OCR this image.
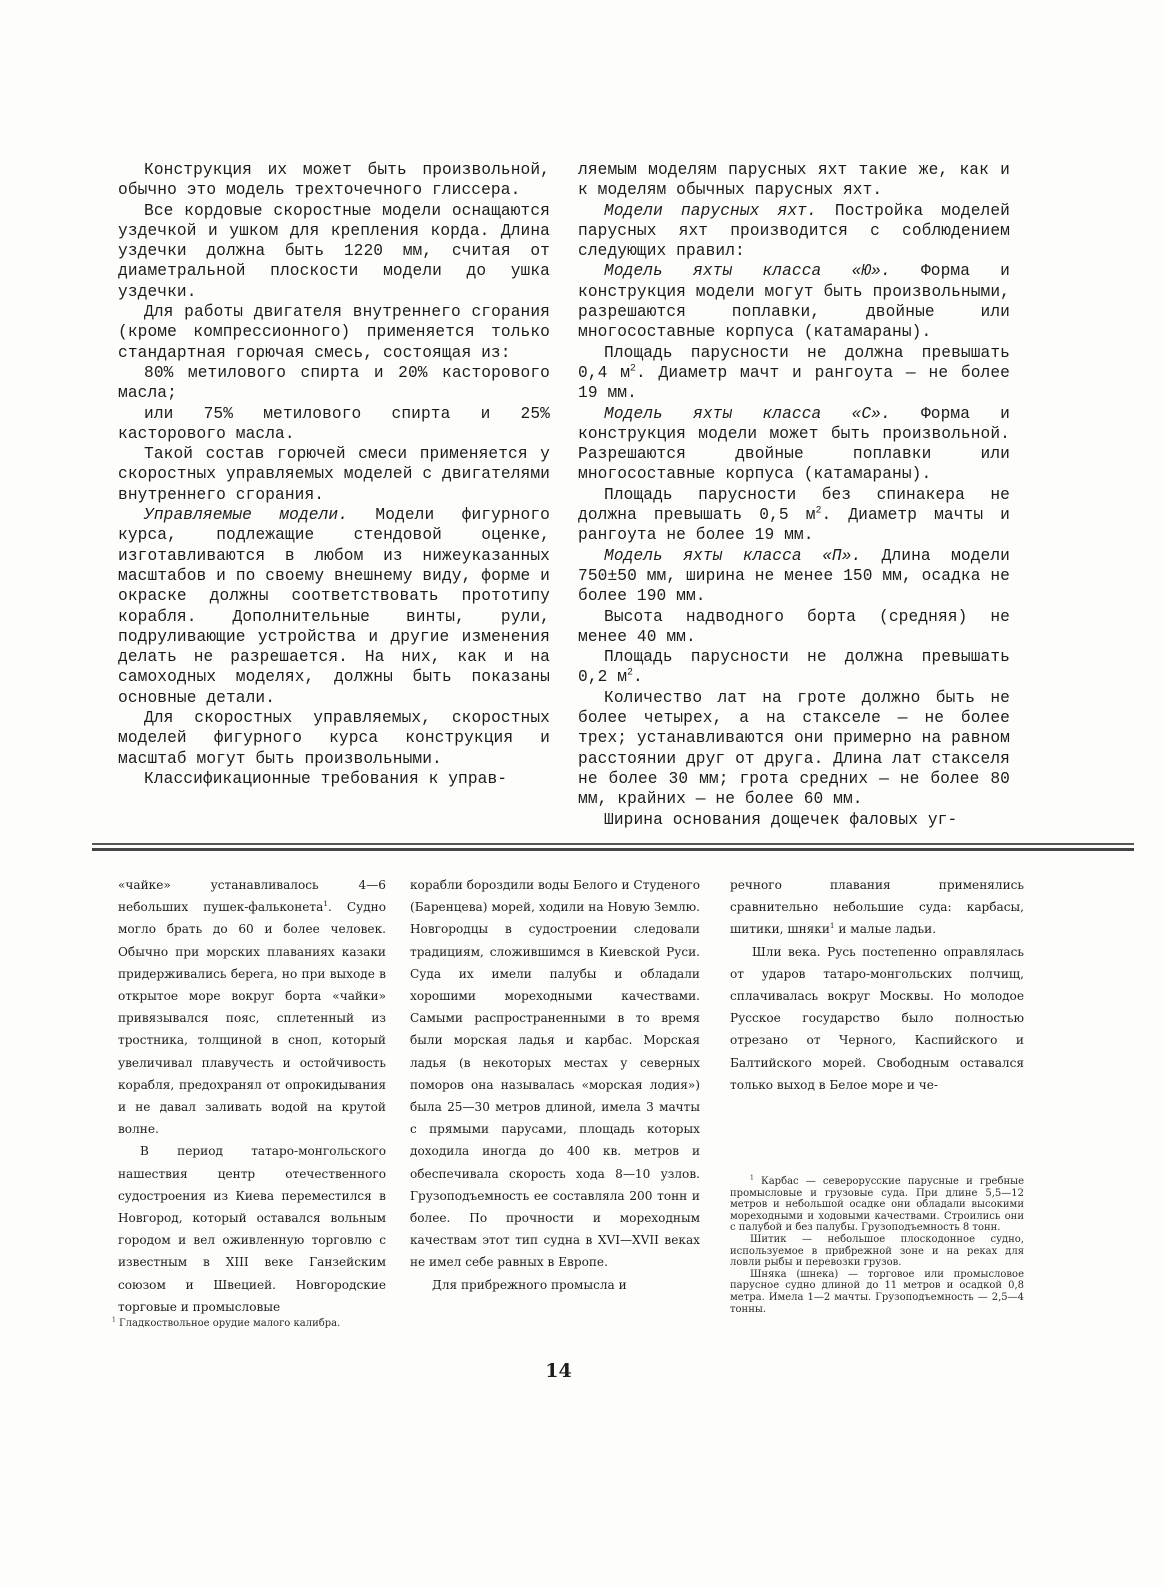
Конструкция их может быть произвольной, обычно это модель трехточечного глиссера.

Все кордовые скоростные модели оснащаются уздечкой и ушком для крепления корда. Длина уздечки должна быть 1220 мм, считая от диаметральной плоскости модели до ушка уздечки.

Для работы двигателя внутреннего сгорания (кроме компрессионного) применяется только стандартная горючая смесь, состоящая из:

80% метилового спирта и 20% касторового масла;

или 75% метилового спирта и 25% касторового масла.

Такой состав горючей смеси применяется у скоростных управляемых моделей с двигателями внутреннего сгорания.

Управляемые модели. Модели фигурного курса, подлежащие стендовой оценке, изготавливаются в любом из нижеуказанных масштабов и по своему внешнему виду, форме и окраске должны соответствовать прототипу корабля. Дополнительные винты, рули, подруливающие устройства и другие изменения делать не разрешается. На них, как и на самоходных моделях, должны быть показаны основные детали.

Для скоростных управляемых, скоростных моделей фигурного курса конструкция и масштаб могут быть произвольными.

Классификационные требования к управ-

ляемым моделям парусных яхт такие же, как и к моделям обычных парусных яхт.

Модели парусных яхт. Постройка моделей парусных яхт производится с соблюдением следующих правил:

Модель яхты класса «Ю». Форма и конструкция модели могут быть произвольными, разрешаются поплавки, двойные или многосоставные корпуса (катамараны).

Площадь парусности не должна превышать 0,4 $м^2$. Диаметр мачт и рангоута — не более 19 мм.

Модель яхты класса «С». Форма и конструкция модели может быть произвольной. Разрешаются двойные поплавки или многосоставные корпуса (катамараны).

Площадь парусности без спинакера не должна превышать 0,5 $м^2$. Диаметр мачты и рангоута не более 19 мм.

Модель яхты класса «П». Длина модели 750±50 мм, ширина не менее 150 мм, осадка не более 190 мм.

Высота надводного борта (средняя) не менее 40 мм.

Площадь парусности не должна превышать 0,2 $м^2$.

Количество лат на гроте должно быть не более четырех, а на стакселе — не более трех; устанавливаются они примерно на равном расстоянии друг от друга. Длина лат стакселя не более 30 мм; грота средних — не более 80 мм, крайних — не более 60 мм.

Ширина основания дощечек фаловых уг-

«чайке» устанавливалось 4—6 небольших пушек-фальконета$^1$. Судно могло брать до 60 и более человек. Обычно при морских плаваниях казаки придерживались берега, но при выходе в открытое море вокруг борта «чайки» привязывался пояс, сплетенный из тростника, толщиной в сноп, который увеличивал плавучесть и остойчивость корабля, предохранял от опрокидывания и не давал заливать водой на крутой волне.

В период татаро-монгольского нашествия центр отечественного судостроения из Киева переместился в Новгород, который оставался вольным городом и вел оживленную торговлю с известным в XIII веке Ганзейским союзом и Швецией. Новгородские торговые и промысловые

корабли бороздили воды Белого и Студеного (Баренцева) морей, ходили на Новую Землю. Новгородцы в судостроении следовали традициям, сложившимся в Киевской Руси. Суда их имели палубы и обладали хорошими мореходными качествами. Самыми распространенными в то время были морская ладья и карбас. Морская ладья (в некоторых местах у северных поморов она называлась «морская лодия») была 25—30 метров длиной, имела 3 мачты с прямыми парусами, площадь которых доходила иногда до 400 кв. метров и обеспечивала скорость хода 8—10 узлов. Грузоподъемность ее составляла 200 тонн и более. По прочности и мореходным качествам этот тип судна в XVI—XVII веках не имел себе равных в Европе.

Для прибрежного промысла и

речного плавания применялись сравнительно небольшие суда: карбасы, шитики, шняки$^1$ и малые ладьи.

Шли века. Русь постепенно оправлялась от ударов татаро-монгольских полчищ, сплачивалась вокруг Москвы. Но молодое Русское государство было полностью отрезано от Черного, Каспийского и Балтийского морей. Свободным оставался только выход в Белое море и че-

$^1$ Гладкоствольное орудие малого калибра.

$^1$ Карбас — северорусские парусные и гребные промысловые и грузовые суда. При длине 5,5—12 метров и небольшой осадке они обладали высокими мореходными и ходовыми качествами. Строились они с палубой и без палубы. Грузоподъемность 8 тонн.

Шитик — небольшое плоскодонное судно, используемое в прибрежной зоне и на реках для ловли рыбы и перевозки грузов.

Шняка (шнека) — торговое или промысловое парусное судно длиной до 11 метров и осадкой 0,8 метра. Имела 1—2 мачты. Грузоподъемность — 2,5—4 тонны.

14
